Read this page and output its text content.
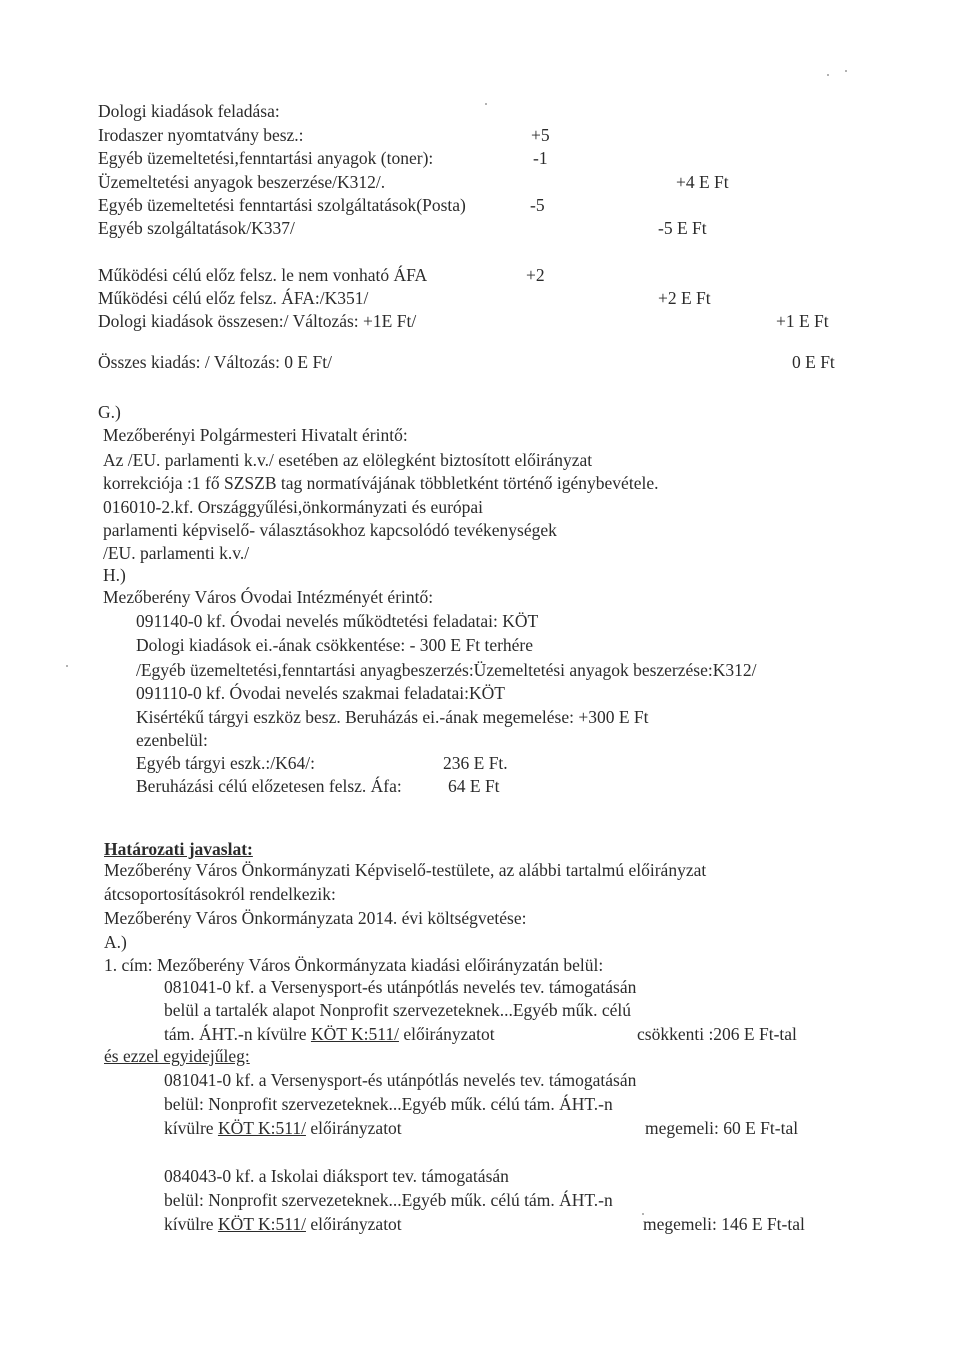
Dologi kiadások feladása:
Irodaszer nyomtatvány besz.:	+5
Egyéb üzemeltetési,fenntartási anyagok (toner):	-1
Üzemeltetési anyagok beszerzése/K312/.	+4 E Ft
Egyéb üzemeltetési fenntartási szolgáltatások(Posta)	-5
Egyéb szolgáltatások/K337/	-5 E Ft
Működési célú előz felsz. le nem vonható ÁFA	+2
Működési célú előz felsz. ÁFA:/K351/	+2 E Ft
Dologi kiadások összesen:/ Változás: +1E Ft/	+1 E Ft
Összes kiadás: / Változás: 0 E Ft/	0 E Ft
G.)
Mezőberényi Polgármesteri Hivatalt érintő:
Az /EU. parlamenti k.v./ esetében az elölegként biztosított előirányzat
korrekciója :1 fő SZSZB tag normatívájának többletként történő igénybevétele.
016010-2.kf. Országgyűlési,önkormányzati és európai
parlamenti képviselő- választásokhoz kapcsolódó tevékenységek
/EU. parlamenti k.v./
H.)
Mezőberény Város Óvodai Intézményét érintő:
091140-0 kf. Óvodai nevelés működtetési feladatai: KÖT
Dologi kiadások ei.-ának csökkentése: - 300 E Ft terhére
/Egyéb üzemeltetési,fenntartási anyagbeszerzés:Üzemeltetési anyagok beszerzése:K312/
091110-0 kf. Óvodai nevelés szakmai feladatai:KÖT
Kisértékű tárgyi eszköz besz. Beruházás ei.-ának megemelése: +300 E Ft
ezenbelül:
Egyéb tárgyi eszk.:/K64/:	236 E Ft.
Beruházási célú előzetesen felsz. Áfa:	64 E Ft
Határozati javaslat:
Mezőberény Város Önkormányzati Képviselő-testülete, az alábbi tartalmú előirányzat
átcsoportosításokról rendelkezik:
Mezőberény Város Önkormányzata 2014. évi költségvetése:
A.)
1. cím: Mezőberény Város Önkormányzata kiadási előirányzatán belül:
081041-0 kf. a Versenysport-és utánpótlás nevelés tev. támogatásán
belül a tartalék alapot Nonprofit szervezeteknek...Egyéb műk. célú
tám. ÁHT.-n kívülre KÖT K:511/ előirányzatot	csökkenti :206 E Ft-tal
és ezzel egyidejűleg:
081041-0 kf. a Versenysport-és utánpótlás nevelés tev. támogatásán
belül: Nonprofit szervezeteknek...Egyéb műk. célú tám. ÁHT.-n
kívülre KÖT K:511/ előirányzatot	megemeli: 60 E Ft-tal
084043-0 kf. a Iskolai diáksport tev. támogatásán
belül: Nonprofit szervezeteknek...Egyéb műk. célú tám. ÁHT.-n
kívülre KÖT K:511/ előirányzatot	megemeli: 146 E Ft-tal
